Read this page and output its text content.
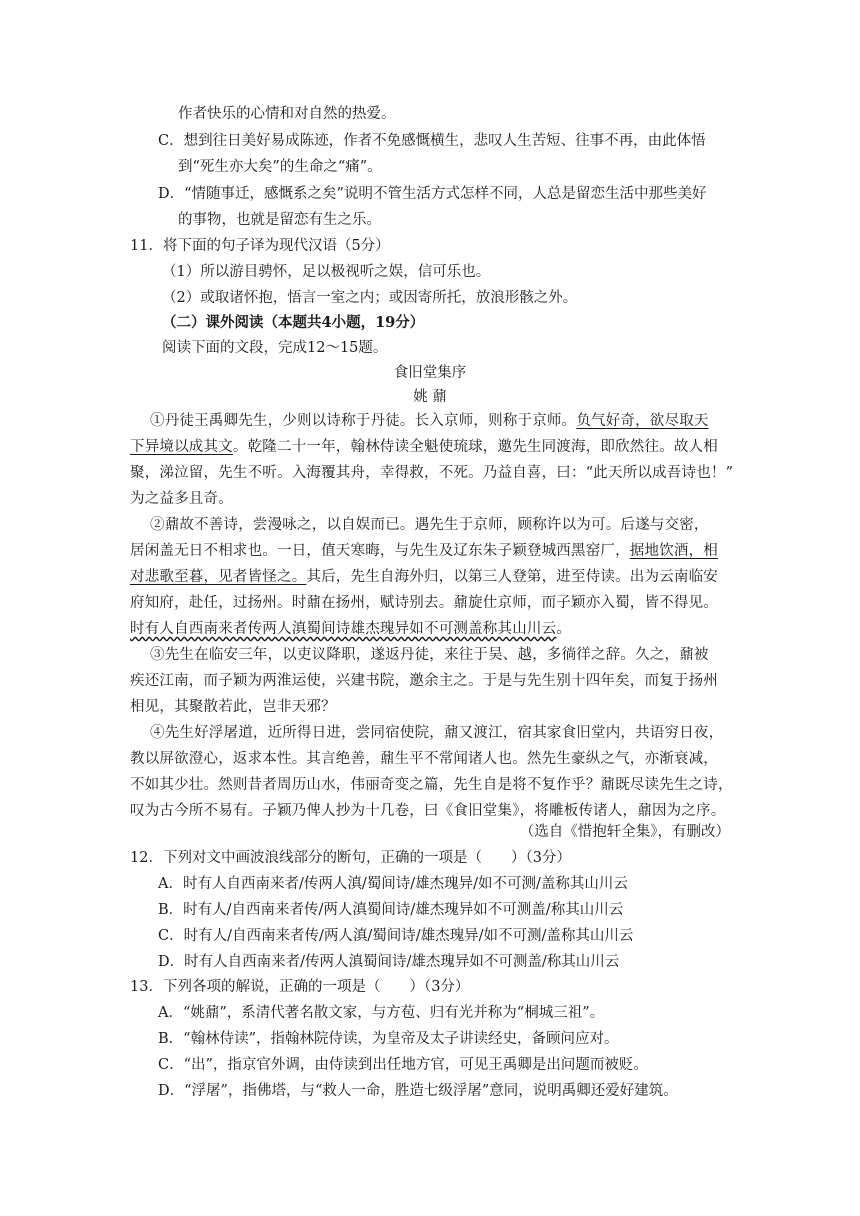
作者快乐的心情和对自然的热爱。
C．想到往日美好易成陈迹，作者不免感慨横生，悲叹人生苦短、往事不再，由此体悟
到“死生亦大矣”的生命之“痛”。
D．“情随事迁，感慨系之矣”说明不管生活方式怎样不同，人总是留恋生活中那些美好
的事物，也就是留恋有生之乐。
11．将下面的句子译为现代汉语（5分）
（1）所以游目骋怀，足以极视听之娱，信可乐也。
（2）或取诸怀抱，悟言一室之内；或因寄所托，放浪形骸之外。
（二）课外阅读（本题共4小题，19分）
阅读下面的文段，完成12～15题。
食旧堂集序
姚 鼐
①丹徒王禹卿先生，少则以诗称于丹徒。长入京师，则称于京师。负气好奇，欲尽取天
下异境以成其文。乾隆二十一年，翰林侍读全魁使琉球，邀先生同渡海，即欣然往。故人相
聚，涕泣留，先生不听。入海覆其舟，幸得救，不死。乃益自喜，曰：“此天所以成吾诗也！”
为之益多且奇。
②鼐故不善诗，尝漫咏之，以自娱而已。遇先生于京师，顾称许以为可。后遂与交密，
居闲盖无日不相求也。一日，值天寒晦，与先生及辽东朱子颖登城西黑窑厂，据地饮酒，相
对悲歌至暮，见者皆怪之。其后，先生自海外归，以第三人登第，进至侍读。出为云南临安
府知府，赴任，过扬州。时鼐在扬州，赋诗别去。鼐旋仕京师，而子颖亦入蜀，皆不得见。
时有人自西南来者传两人滇蜀间诗雄杰瑰异如不可测盖称其山川云。
③先生在临安三年，以吏议降职，遂返丹徒，来往于吴、越，多徜徉之辞。久之，鼐被
疾还江南，而子颖为两淮运使，兴建书院，邀余主之。于是与先生别十四年矣，而复于扬州
相见，其聚散若此，岂非天邪？
④先生好浮屠道，近所得日进，尝同宿使院，鼐又渡江，宿其家食旧堂内，共语穷日夜，
教以屏欲澄心，返求本性。其言绝善，鼐生平不常闻诸人也。然先生豪纵之气，亦渐衰减，
不如其少壮。然则昔者周历山水，伟丽奇变之篇，先生自是将不复作乎？鼐既尽读先生之诗，
叹为古今所不易有。子颖乃俾人抄为十几卷，曰《食旧堂集》，将雕板传诸人，鼐因为之序。
（选自《惜抱轩全集》，有删改）
12．下列对文中画波浪线部分的断句，正确的一项是（　　）（3分）
A．时有人自西南来者/传两人滇/蜀间诗/雄杰瑰异/如不可测/盖称其山川云
B．时有人/自西南来者传/两人滇蜀间诗/雄杰瑰异如不可测盖/称其山川云
C．时有人/自西南来者传/两人滇/蜀间诗/雄杰瑰异/如不可测/盖称其山川云
D．时有人自西南来者/传两人滇蜀间诗/雄杰瑰异如不可测盖/称其山川云
13．下列各项的解说，正确的一项是（　　）（3分）
A．“姚鼐”，系清代著名散文家，与方苞、归有光并称为“桐城三祖”。
B．“翰林侍读”，指翰林院侍读，为皇帝及太子讲读经史，备顾问应对。
C．“出”，指京官外调，由侍读到出任地方官，可见王禹卿是出问题而被贬。
D．“浮屠”，指佛塔，与“救人一命，胜造七级浮屠”意同，说明禹卿还爱好建筑。
